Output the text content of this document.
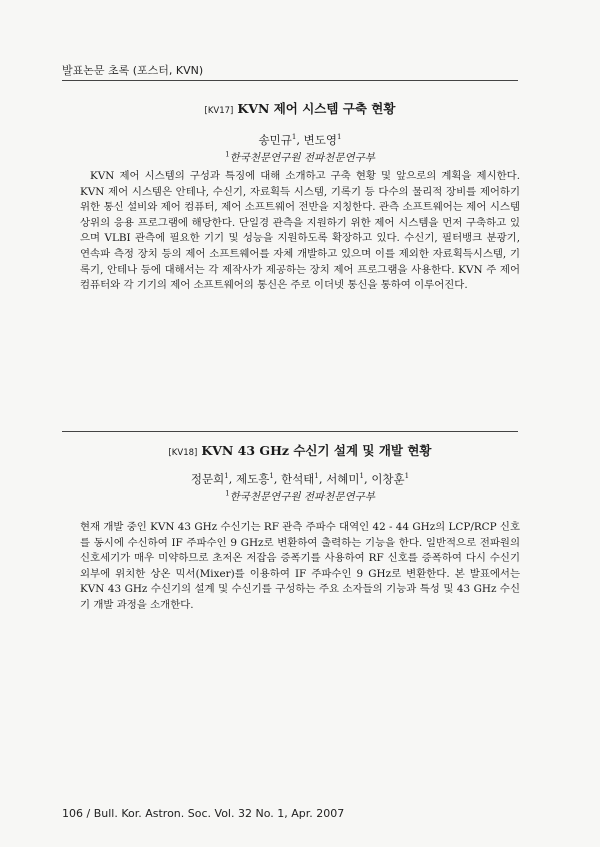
발표논문 초록 (포스터, KVN)

[KV17] KVN 제어 시스템 구축 현황

송민규$^1$, 변도영$^1$
$^1$한국천문연구원 전파천문연구부
KVN 제어 시스템의 구성과 특징에 대해 소개하고 구축 현황 및 앞으로의 계획을 제시한다. KVN 제어 시스템은 안테나, 수신기, 자료획득 시스템, 기록기 등 다수의 물리적 장비를 제어하기 위한 통신 설비와 제어 컴퓨터, 제어 소프트웨어 전반을 지칭한다. 관측 소프트웨어는 제어 시스템 상위의 응용 프로그램에 해당한다. 단일경 관측을 지원하기 위한 제어 시스템을 먼저 구축하고 있으며 VLBI 관측에 필요한 기기 및 성능을 지원하도록 확장하고 있다. 수신기, 필터뱅크 분광기, 연속파 측정 장치 등의 제어 소프트웨어를 자체 개발하고 있으며 이를 제외한 자료획득시스템, 기록기, 안테나 등에 대해서는 각 제작사가 제공하는 장치 제어 프로그램을 사용한다. KVN 주 제어 컴퓨터와 각 기기의 제어 소프트웨어의 통신은 주로 이더넷 통신을 통하여 이루어진다.

[KV18] KVN 43 GHz 수신기 설계 및 개발 현황

정문희$^1$, 제도흥$^1$, 한석태$^1$, 서혜미$^1$, 이창훈$^1$
$^1$한국천문연구원 전파천문연구부
현재 개발 중인 KVN 43 GHz 수신기는 RF 관측 주파수 대역인 42 - 44 GHz의 LCP/RCP 신호를 동시에 수신하여 IF 주파수인 9 GHz로 변환하여 출력하는 기능을 한다. 일반적으로 전파원의 신호세기가 매우 미약하므로 초저온 저잡음 증폭기를 사용하여 RF 신호를 증폭하여 다시 수신기 외부에 위치한 상온 믹서(Mixer)를 이용하여 IF 주파수인 9 GHz로 변환한다. 본 발표에서는 KVN 43 GHz 수신기의 설계 및 수신기를 구성하는 주요 소자들의 기능과 특성 및 43 GHz 수신기 개발 과정을 소개한다.
106 / Bull. Kor. Astron. Soc. Vol. 32 No. 1, Apr. 2007
